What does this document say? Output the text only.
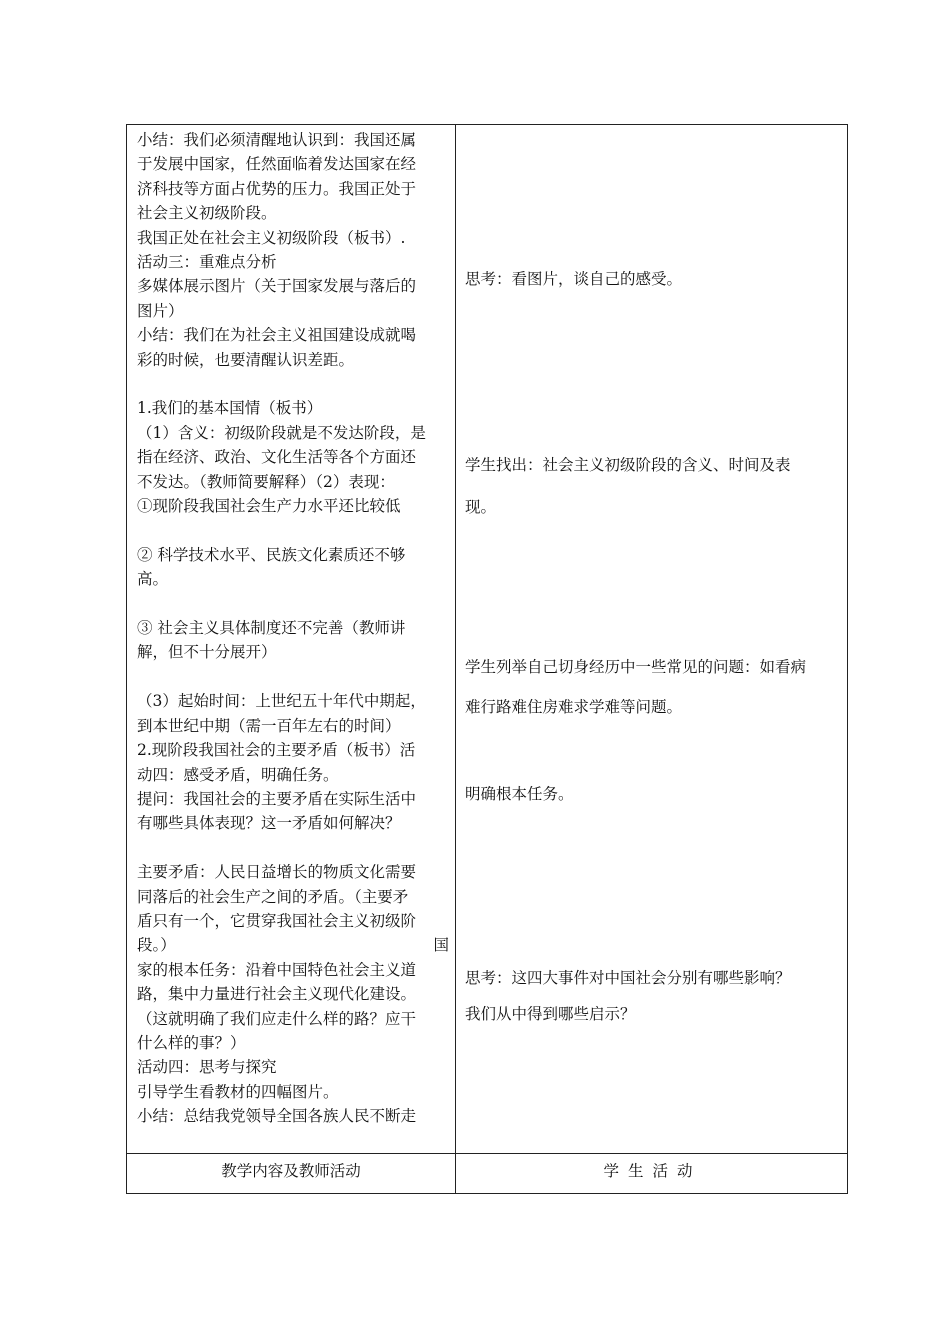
小结：我们必须清醒地认识到：我国还属
于发展中国家，任然面临着发达国家在经
济科技等方面占优势的压力。我国正处于
社会主义初级阶段。
我国正处在社会主义初级阶段（板书）.
活动三：重难点分析
多媒体展示图片（关于国家发展与落后的
图片）
小结：我们在为社会主义祖国建设成就喝
彩的时候，也要清醒认识差距。
1.我们的基本国情（板书）
（1）含义：初级阶段就是不发达阶段，是
指在经济、政治、文化生活等各个方面还
不发达。（教师简要解释）（2）表现：
①现阶段我国社会生产力水平还比较低
② 科学技术水平、民族文化素质还不够
高。
③ 社会主义具体制度还不完善（教师讲
解，但不十分展开）
（3）起始时间：上世纪五十年代中期起，
到本世纪中期（需一百年左右的时间）
2.现阶段我国社会的主要矛盾（板书）活
动四：感受矛盾，明确任务。
提问：我国社会的主要矛盾在实际生活中
有哪些具体表现？这一矛盾如何解决？
主要矛盾：人民日益增长的物质文化需要
同落后的社会生产之间的矛盾。（主要矛
盾只有一个，它贯穿我国社会主义初级阶
段。）	国
家的根本任务：沿着中国特色社会主义道
路，集中力量进行社会主义现代化建设。
（这就明确了我们应走什么样的路？应干
什么样的事？）
活动四：思考与探究
引导学生看教材的四幅图片。
小结：总结我党领导全国各族人民不断走
思考：看图片，谈自己的感受。
学生找出：社会主义初级阶段的含义、时间及表
现。
学生列举自己切身经历中一些常见的问题：如看病
难行路难住房难求学难等问题。
明确根本任务。
思考：这四大事件对中国社会分别有哪些影响？
我们从中得到哪些启示？
教学内容及教师活动	学生活动
